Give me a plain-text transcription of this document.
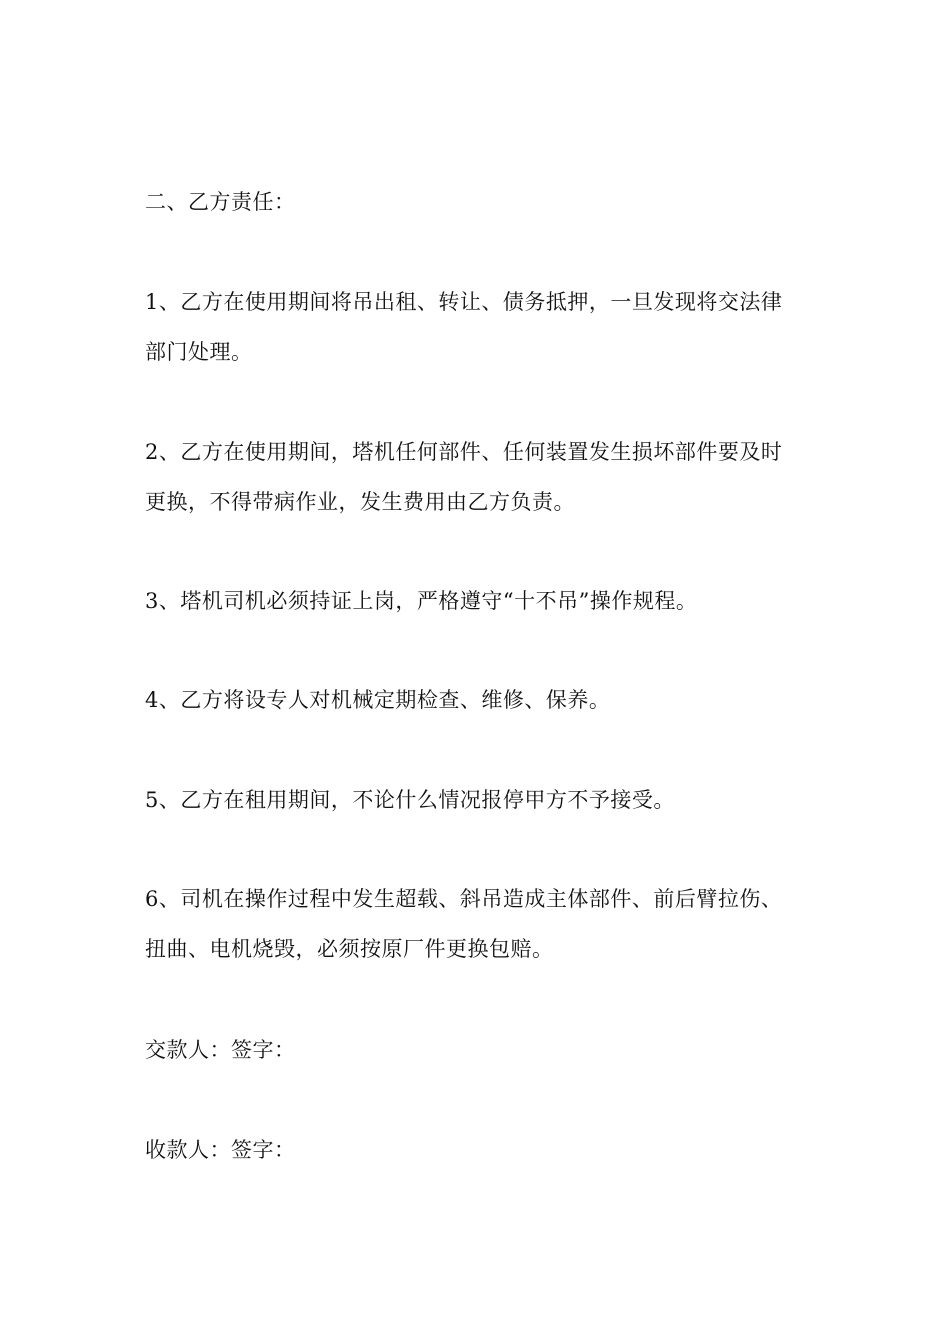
二、乙方责任：
1、乙方在使用期间将吊出租、转让、债务抵押，一旦发现将交法律
部门处理。
2、乙方在使用期间，塔机任何部件、任何装置发生损坏部件要及时
更换，不得带病作业，发生费用由乙方负责。
3、塔机司机必须持证上岗，严格遵守“十不吊”操作规程。
4、乙方将设专人对机械定期检查、维修、保养。
5、乙方在租用期间，不论什么情况报停甲方不予接受。
6、司机在操作过程中发生超载、斜吊造成主体部件、前后臂拉伤、
扭曲、电机烧毁，必须按原厂件更换包赔。
交款人：签字：
收款人：签字：
